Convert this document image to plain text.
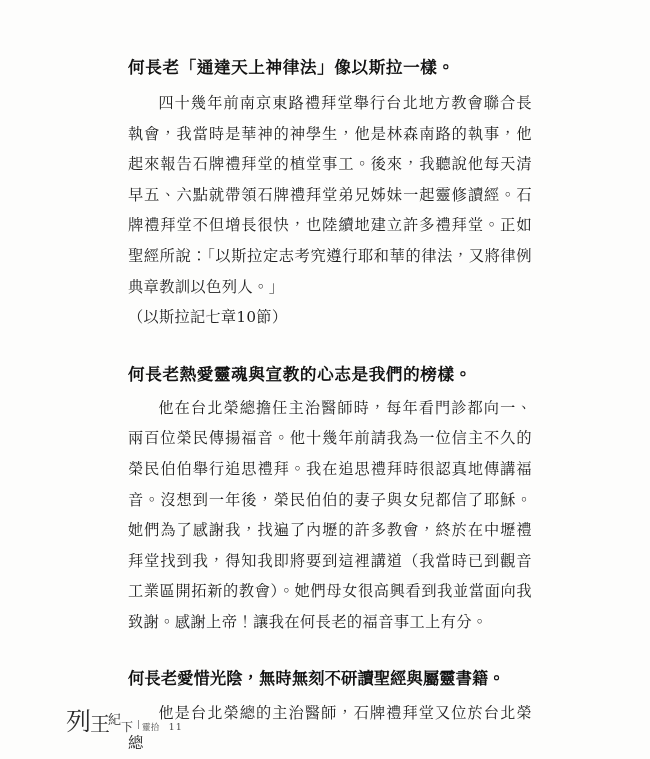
何長老「通達天上神律法」像以斯拉一樣。

四十幾年前南京東路禮拜堂舉行台北地方教會聯合長執會，我當時是華神的神學生，他是林森南路的執事，他起來報告石牌禮拜堂的植堂事工。後來，我聽說他每天清早五、六點就帶領石牌禮拜堂弟兄姊妹一起靈修讀經。石牌禮拜堂不但增長很快，也陸續地建立許多禮拜堂。正如聖經所說：「以斯拉定志考究遵行耶和華的律法，又將律例典章教訓以色列人。」

（以斯拉記七章10節）

何長老熱愛靈魂與宣教的心志是我們的榜樣。

他在台北榮總擔任主治醫師時，每年看門診都向一、兩百位榮民傳揚福音。他十幾年前請我為一位信主不久的榮民伯伯舉行追思禮拜。我在追思禮拜時很認真地傳講福音。沒想到一年後，榮民伯伯的妻子與女兒都信了耶穌。她們為了感謝我，找遍了內壢的許多教會，終於在中壢禮拜堂找到我，得知我即將要到這裡講道（我當時已到觀音工業區開拓新的教會）。她們母女很高興看到我並當面向我致謝。感謝上帝！讓我在何長老的福音事工上有分。

何長老愛惜光陰，無時無刻不研讀聖經與屬靈書籍。

他是台北榮總的主治醫師，石牌禮拜堂又位於台北榮總

列 王 紀 下 靈拾 11
